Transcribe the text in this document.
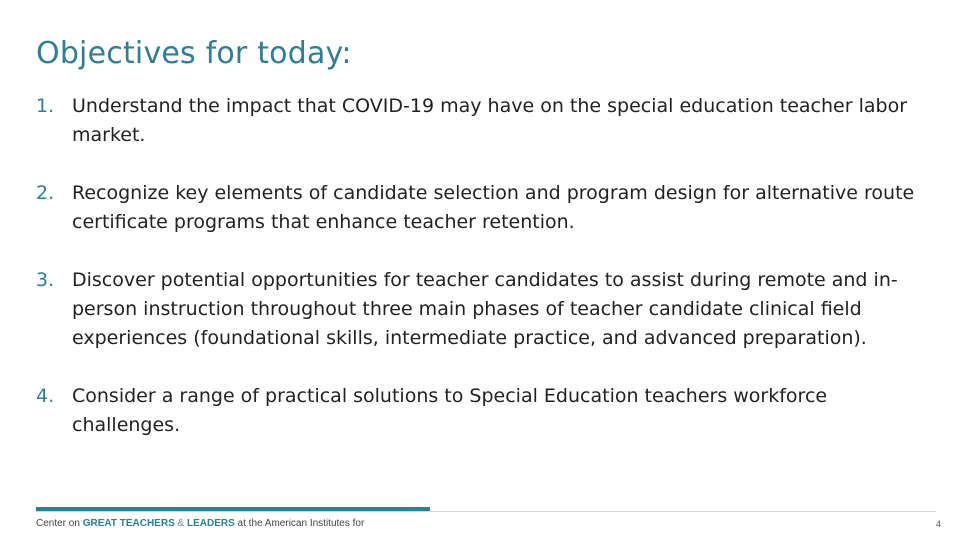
Objectives for today:
1. Understand the impact that COVID-19 may have on the special education teacher labor market.
2. Recognize key elements of candidate selection and program design for alternative route certificate programs that enhance teacher retention.
3. Discover potential opportunities for teacher candidates to assist during remote and in-person instruction throughout three main phases of teacher candidate clinical field experiences (foundational skills, intermediate practice, and advanced preparation).
4. Consider a range of practical solutions to Special Education teachers workforce challenges.
Center on GREAT TEACHERS & LEADERS at the American Institutes for	4
